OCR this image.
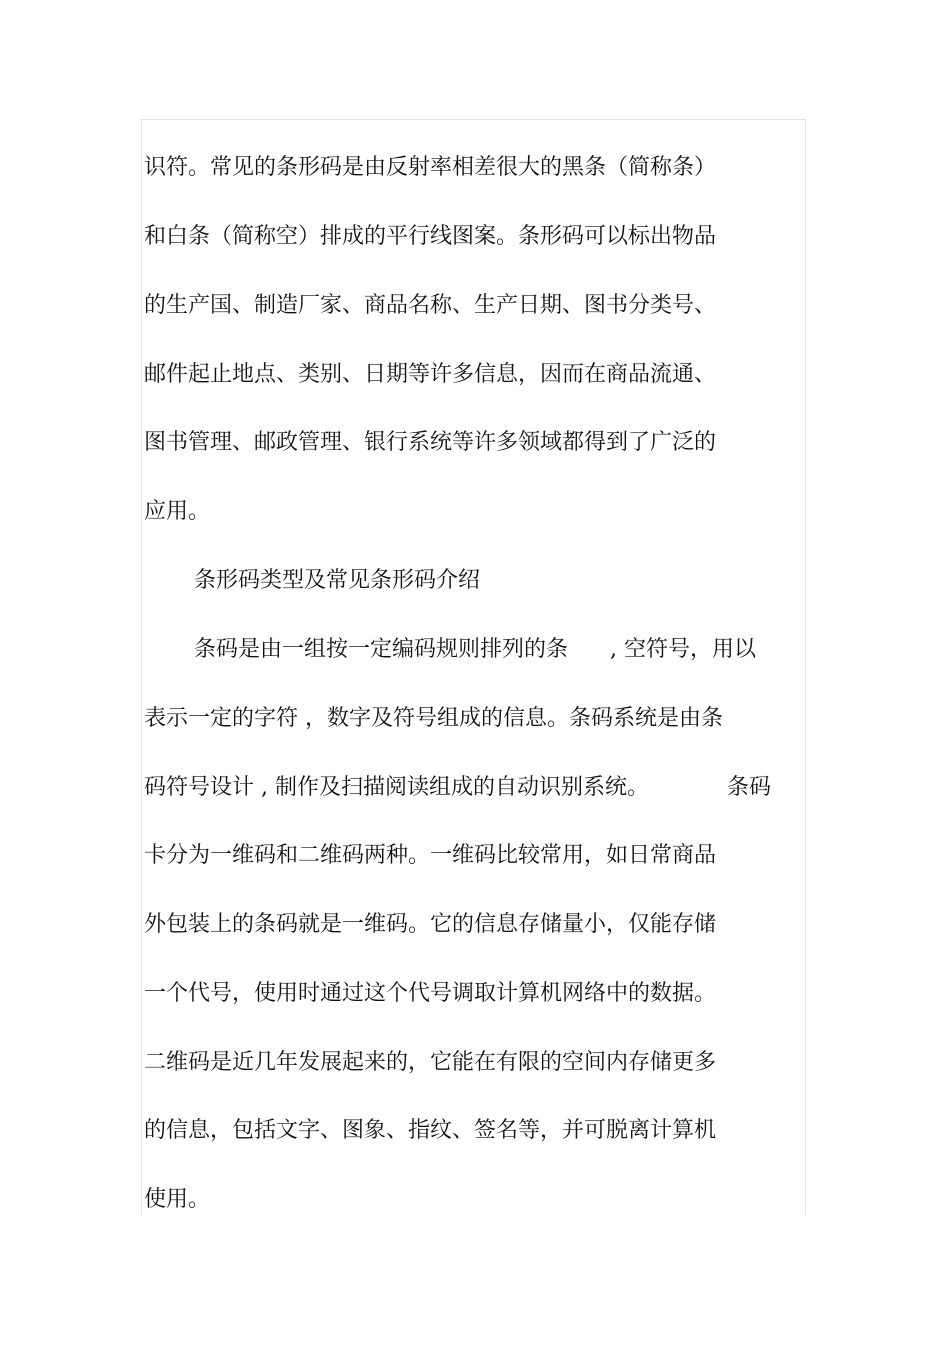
识符。常见的条形码是由反射率相差很大的黑条（简称条）
和白条（简称空）排成的平行线图案。条形码可以标出物品
的生产国、制造厂家、商品名称、生产日期、图书分类号、
邮件起止地点、类别、日期等许多信息，因而在商品流通、
图书管理、邮政管理、银行系统等许多领域都得到了广泛的
应用。
条形码类型及常见条形码介绍
条码是由一组按一定编码规则排列的条 , 空符号，用以
表示一定的字符 ，数字及符号组成的信息。条码系统是由条
码符号设计 , 制作及扫描阅读组成的自动识别系统。	条码
卡分为一维码和二维码两种。一维码比较常用，如日常商品
外包装上的条码就是一维码。它的信息存储量小，仅能存储
一个代号，使用时通过这个代号调取计算机网络中的数据。
二维码是近几年发展起来的，它能在有限的空间内存储更多
的信息，包括文字、图象、指纹、签名等，并可脱离计算机
使用。
